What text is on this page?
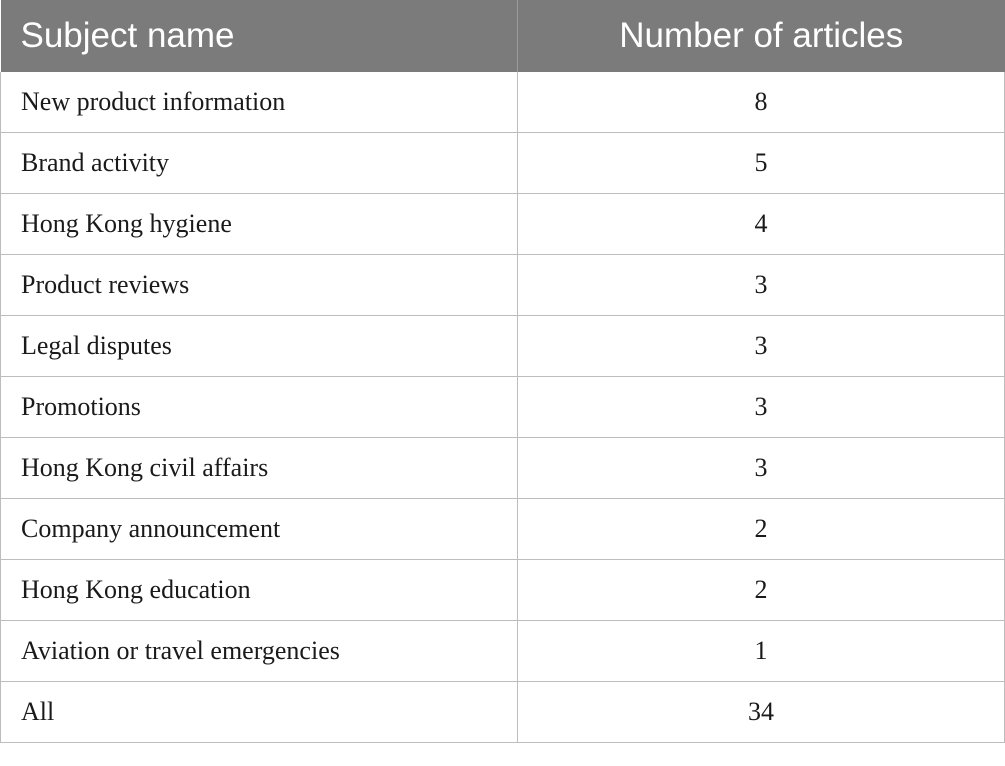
Subject name	Number of articles
New product information	8
Brand activity	5
Hong Kong hygiene	4
Product reviews	3
Legal disputes	3
Promotions	3
Hong Kong civil affairs	3
Company announcement	2
Hong Kong education	2
Aviation or travel emergencies	1
All	34
